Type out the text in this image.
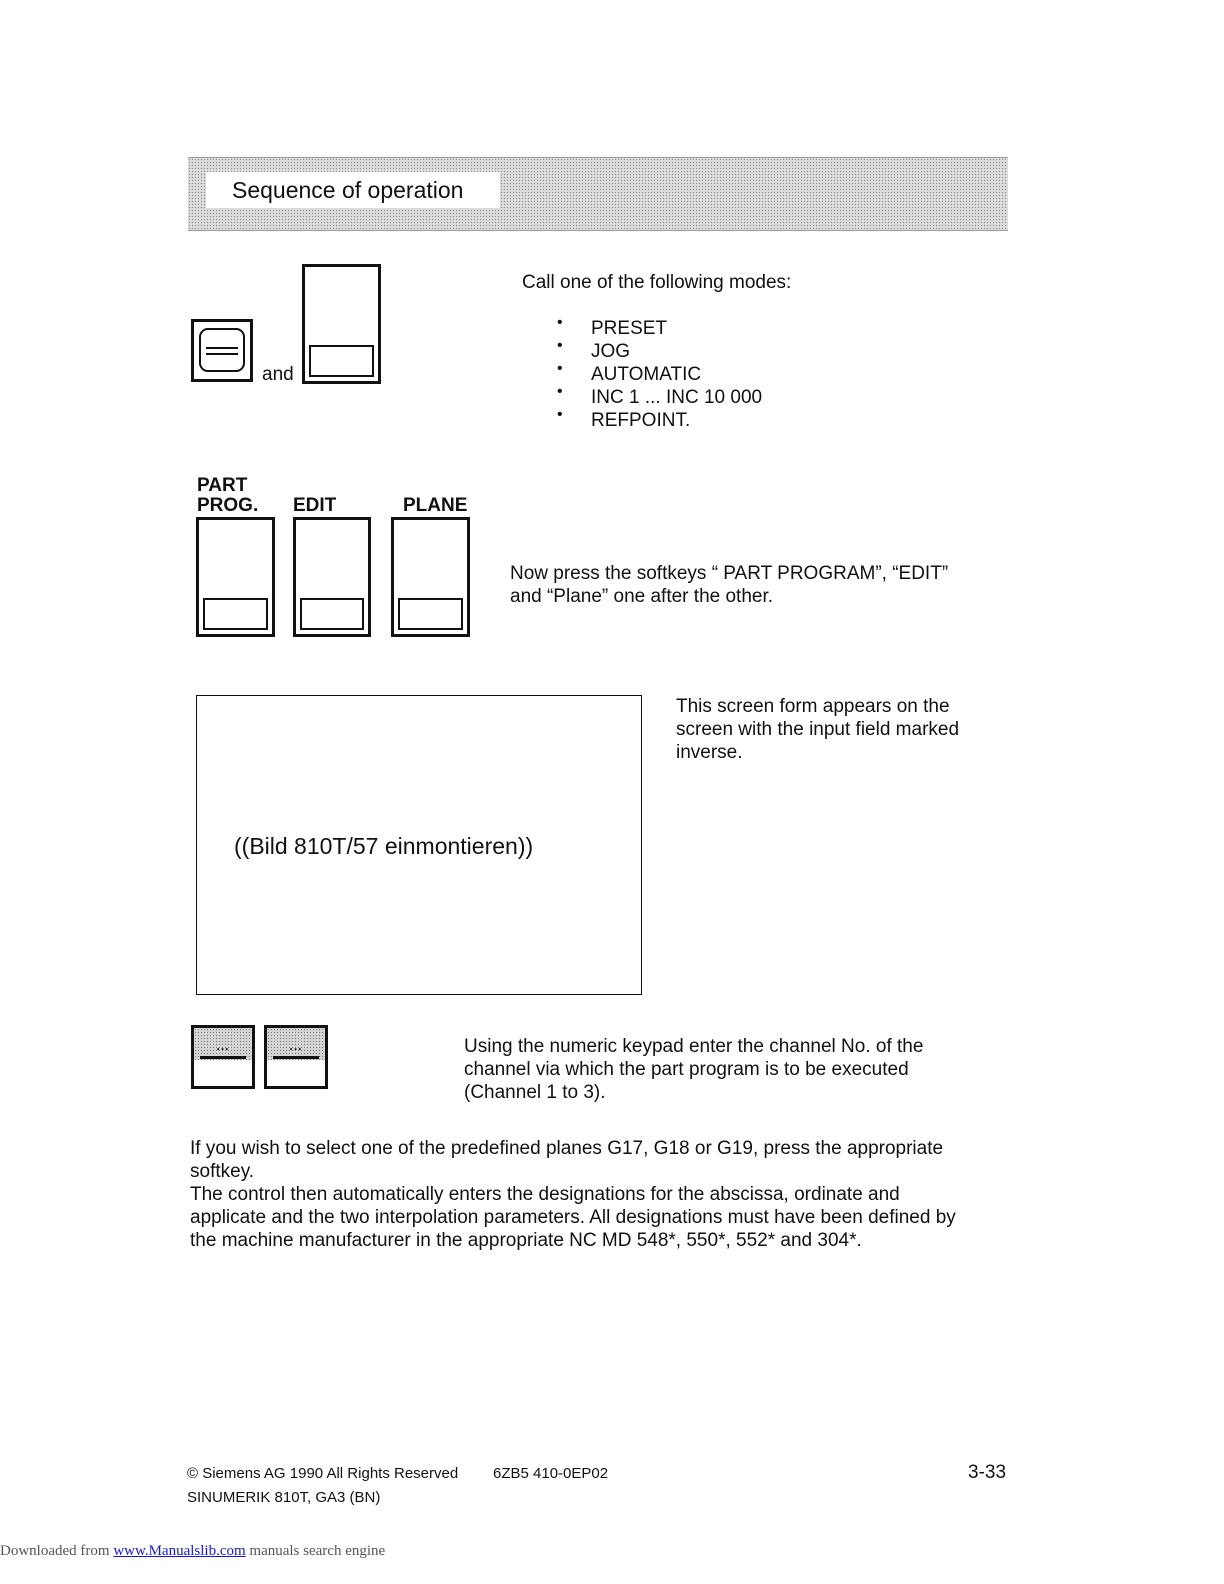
Sequence of operation
and
Call one of the following modes:
• PRESET
• JOG
• AUTOMATIC
• INC 1 ... INC 10 000
• REFPOINT.
PART
PROG. EDIT	PLANE
Now press the softkeys “ PART PROGRAM”, “EDIT”
and “Plane” one after the other.
((Bild 810T/57 einmontieren))
This screen form appears on the
screen with the input field marked
inverse.
...	...	Using the numeric keypad enter the channel No. of the
channel via which the part program is to be executed
(Channel 1 to 3).
If you wish to select one of the predefined planes G17, G18 or G19, press the appropriate
softkey.
The control then automatically enters the designations for the abscissa, ordinate and
applicate and the two interpolation parameters. All designations must have been defined by
the machine manufacturer in the appropriate NC MD 548*, 550*, 552* and 304*.
© Siemens AG 1990 All Rights Reserved 6ZB5 410-0EP02	3-33
SINUMERIK 810T, GA3 (BN)
Downloaded from www.Manualslib.com manuals search engine
